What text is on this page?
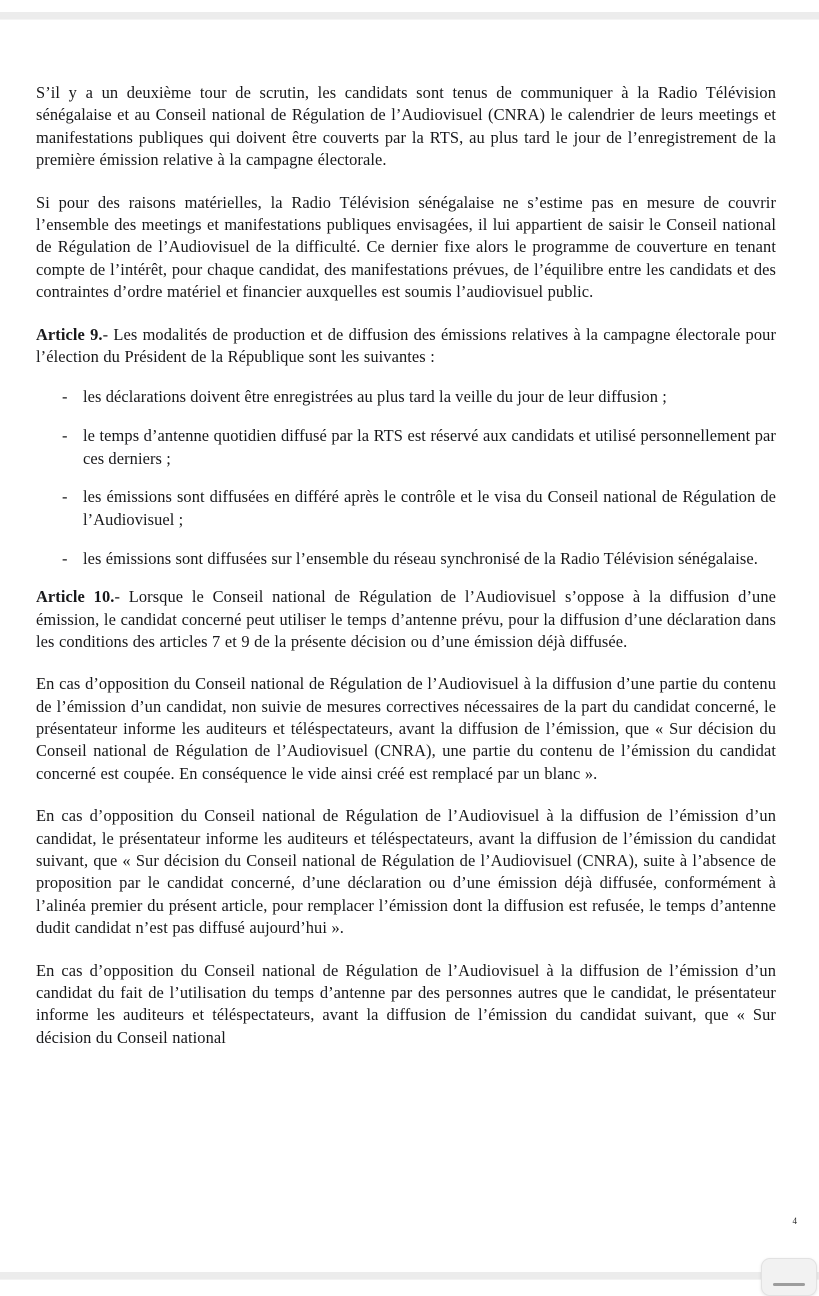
S’il y a un deuxième tour de scrutin, les candidats sont tenus de communiquer à la Radio Télévision sénégalaise et au Conseil national de Régulation de l’Audiovisuel (CNRA) le calendrier de leurs meetings et manifestations publiques qui doivent être couverts par la RTS, au plus tard le jour de l’enregistrement de la première émission relative à la campagne électorale.

Si pour des raisons matérielles, la Radio Télévision sénégalaise ne s’estime pas en mesure de couvrir l’ensemble des meetings et manifestations publiques envisagées, il lui appartient de saisir le Conseil national de Régulation de l’Audiovisuel de la difficulté. Ce dernier fixe alors le programme de couverture en tenant compte de l’intérêt, pour chaque candidat, des manifestations prévues, de l’équilibre entre les candidats et des contraintes d’ordre matériel et financier auxquelles est soumis l’audiovisuel public.

Article 9.- Les modalités de production et de diffusion des émissions relatives à la campagne électorale pour l’élection du Président de la République sont les suivantes :

- les déclarations doivent être enregistrées au plus tard la veille du jour de leur diffusion ;
- le temps d’antenne quotidien diffusé par la RTS est réservé aux candidats et utilisé personnellement par ces derniers ;
- les émissions sont diffusées en différé après le contrôle et le visa du Conseil national de Régulation de l’Audiovisuel ;
- les émissions sont diffusées sur l’ensemble du réseau synchronisé de la Radio Télévision sénégalaise.

Article 10.- Lorsque le Conseil national de Régulation de l’Audiovisuel s’oppose à la diffusion d’une émission, le candidat concerné peut utiliser le temps d’antenne prévu, pour la diffusion d’une déclaration dans les conditions des articles 7 et 9 de la présente décision ou d’une émission déjà diffusée.

En cas d’opposition du Conseil national de Régulation de l’Audiovisuel à la diffusion d’une partie du contenu de l’émission d’un candidat, non suivie de mesures correctives nécessaires de la part du candidat concerné, le présentateur informe les auditeurs et téléspectateurs, avant la diffusion de l’émission, que « Sur décision du Conseil national de Régulation de l’Audiovisuel (CNRA), une partie du contenu de l’émission du candidat concerné est coupée. En conséquence le vide ainsi créé est remplacé par un blanc ».

En cas d’opposition du Conseil national de Régulation de l’Audiovisuel à la diffusion de l’émission d’un candidat, le présentateur informe les auditeurs et téléspectateurs, avant la diffusion de l’émission du candidat suivant, que « Sur décision du Conseil national de Régulation de l’Audiovisuel (CNRA), suite à l’absence de proposition par le candidat concerné, d’une déclaration ou d’une émission déjà diffusée, conformément à l’alinéa premier du présent article, pour remplacer l’émission dont la diffusion est refusée, le temps d’antenne dudit candidat n’est pas diffusé aujourd’hui ».

En cas d’opposition du Conseil national de Régulation de l’Audiovisuel à la diffusion de l’émission d’un candidat du fait de l’utilisation du temps d’antenne par des personnes autres que le candidat, le présentateur informe les auditeurs et téléspectateurs, avant la diffusion de l’émission du candidat suivant, que « Sur décision du Conseil national

4
